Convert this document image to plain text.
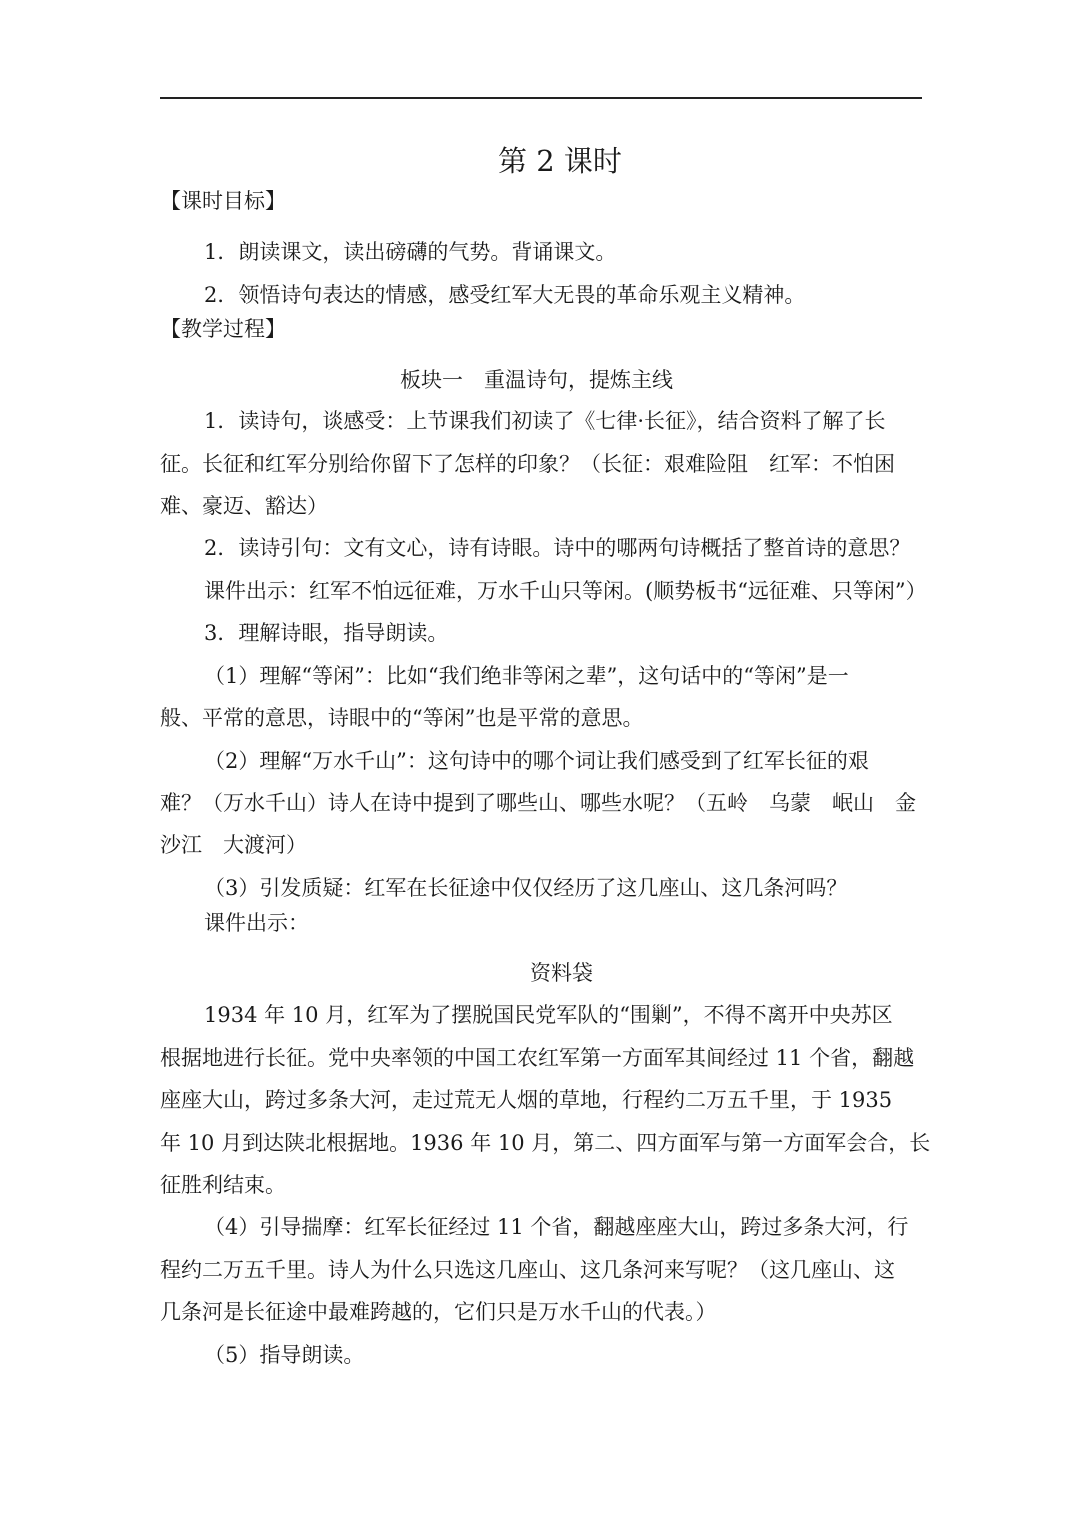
第 2 课时
【课时目标】
1．朗读课文，读出磅礴的气势。背诵课文。
2．领悟诗句表达的情感，感受红军大无畏的革命乐观主义精神。
【教学过程】
板块一　重温诗句，提炼主线
1．读诗句，谈感受：上节课我们初读了《七律·长征》，结合资料了解了长
征。长征和红军分别给你留下了怎样的印象？（长征：艰难险阻　红军：不怕困
难、豪迈、豁达）
2．读诗引句：文有文心，诗有诗眼。诗中的哪两句诗概括了整首诗的意思？
课件出示：红军不怕远征难，万水千山只等闲。(顺势板书“远征难、只等闲”）
3．理解诗眼，指导朗读。
（1）理解“等闲”：比如“我们绝非等闲之辈”，这句话中的“等闲”是一
般、平常的意思，诗眼中的“等闲”也是平常的意思。
（2）理解“万水千山”：这句诗中的哪个词让我们感受到了红军长征的艰
难？（万水千山）诗人在诗中提到了哪些山、哪些水呢？（五岭　乌蒙　岷山　金
沙江　大渡河）
（3）引发质疑：红军在长征途中仅仅经历了这几座山、这几条河吗？
课件出示：
资料袋
1934 年 10 月，红军为了摆脱国民党军队的“围剿”，不得不离开中央苏区
根据地进行长征。党中央率领的中国工农红军第一方面军其间经过 11 个省，翻越
座座大山，跨过多条大河，走过荒无人烟的草地，行程约二万五千里，于 1935
年 10 月到达陕北根据地。1936 年 10 月，第二、四方面军与第一方面军会合，长
征胜利结束。
（4）引导揣摩：红军长征经过 11 个省，翻越座座大山，跨过多条大河，行
程约二万五千里。诗人为什么只选这几座山、这几条河来写呢？（这几座山、这
几条河是长征途中最难跨越的，它们只是万水千山的代表。）
（5）指导朗读。
